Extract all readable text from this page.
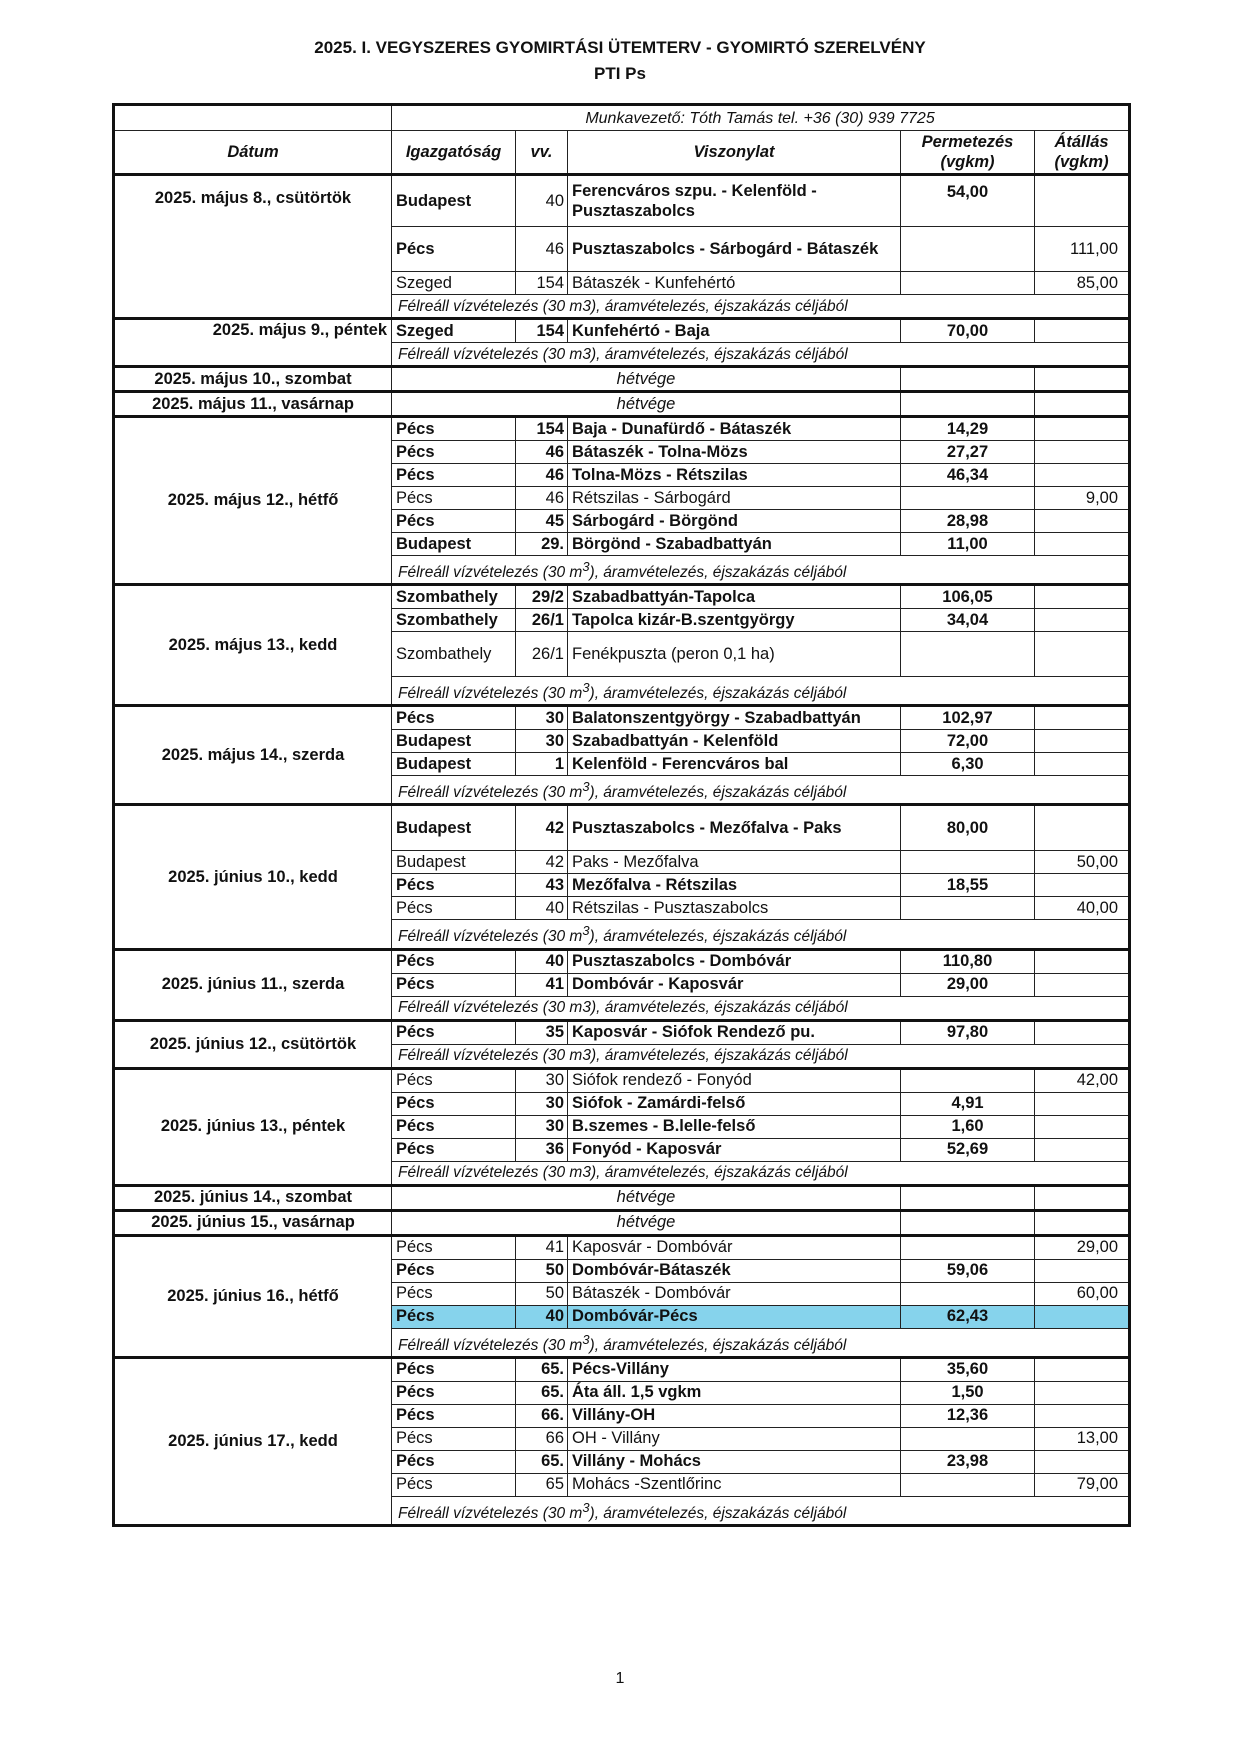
2025. I. VEGYSZERES GYOMIRTÁSI ÜTEMTERV - GYOMIRTÓ SZERELVÉNY
PTI Ps
	Munkavezető: Tóth Tamás tel. +36 (30) 939 7725				
Dátum	Igazgatóság	vv.	Viszonylat	Permetezés (vgkm)	Átállás (vgkm)
2025. május 8., csütörtök	Budapest	40	Ferencváros szpu. - Kelenföld - Pusztaszabolcs	54,00	
	Pécs	46	Pusztaszabolcs - Sárbogárd - Bátaszék		111,00
	Szeged	154	Bátaszék - Kunfehértó		85,00
	Félreáll vízvételezés (30 m3), áramvételezés, éjszakázás céljából				
2025. május 9., péntek	Szeged	154	Kunfehértó - Baja	70,00	
	Félreáll vízvételezés (30 m3), áramvételezés, éjszakázás céljából				
2025. május 10., szombat	hétvége				
2025. május 11., vasárnap	hétvége				
2025. május 12., hétfő	Pécs	154	Baja - Dunafürdő - Bátaszék	14,29	
	Pécs	46	Bátaszék - Tolna-Mözs	27,27	
	Pécs	46	Tolna-Mözs - Rétszilas	46,34	
	Pécs	46	Rétszilas - Sárbogárd		9,00
	Pécs	45	Sárbogárd - Börgönd	28,98	
	Budapest	29.	Börgönd - Szabadbattyán	11,00	
	Félreáll vízvételezés (30 $m^3$), áramvételezés, éjszakázás céljából				
2025. május 13., kedd	Szombathely	29/2	Szabadbattyán-Tapolca	106,05	
	Szombathely	26/1	Tapolca kizár-B.szentgyörgy	34,04	
	Szombathely	26/1	Fenékpuszta (peron 0,1 ha)		
	Félreáll vízvételezés (30 $m^3$), áramvételezés, éjszakázás céljából				
2025. május 14., szerda	Pécs	30	Balatonszentgyörgy - Szabadbattyán	102,97	
	Budapest	30	Szabadbattyán - Kelenföld	72,00	
	Budapest	1	Kelenföld - Ferencváros bal	6,30	
	Félreáll vízvételezés (30 $m^3$), áramvételezés, éjszakázás céljából				
2025. június 10., kedd	Budapest	42	Pusztaszabolcs - Mezőfalva - Paks	80,00	
	Budapest	42	Paks - Mezőfalva		50,00
	Pécs	43	Mezőfalva - Rétszilas	18,55	
	Pécs	40	Rétszilas - Pusztaszabolcs		40,00
	Félreáll vízvételezés (30 $m^3$), áramvételezés, éjszakázás céljából				
2025. június 11., szerda	Pécs	40	Pusztaszabolcs - Dombóvár	110,80	
	Pécs	41	Dombóvár - Kaposvár	29,00	
	Félreáll vízvételezés (30 m3), áramvételezés, éjszakázás céljából				
2025. június 12., csütörtök	Pécs	35	Kaposvár - Siófok Rendező pu.	97,80	
	Félreáll vízvételezés (30 m3), áramvételezés, éjszakázás céljából				
2025. június 13., péntek	Pécs	30	Siófok rendező - Fonyód		42,00
	Pécs	30	Siófok - Zamárdi-felső	4,91	
	Pécs	30	B.szemes - B.lelle-felső	1,60	
	Pécs	36	Fonyód - Kaposvár	52,69	
	Félreáll vízvételezés (30 m3), áramvételezés, éjszakázás céljából				
2025. június 14., szombat	hétvége				
2025. június 15., vasárnap	hétvége				
2025. június 16., hétfő	Pécs	41	Kaposvár - Dombóvár		29,00
	Pécs	50	Dombóvár-Bátaszék	59,06	
	Pécs	50	Bátaszék - Dombóvár		60,00
	Pécs	40	Dombóvár-Pécs	62,43	
	Félreáll vízvételezés (30 $m^3$), áramvételezés, éjszakázás céljából				
2025. június 17., kedd	Pécs	65.	Pécs-Villány	35,60	
	Pécs	65.	Áta áll. 1,5 vgkm	1,50	
	Pécs	66.	Villány-OH	12,36	
	Pécs	66	OH - Villány		13,00
	Pécs	65.	Villány - Mohács	23,98	
	Pécs	65	Mohács -Szentlőrinc		79,00
	Félreáll vízvételezés (30 $m^3$), áramvételezés, éjszakázás céljából				
1
